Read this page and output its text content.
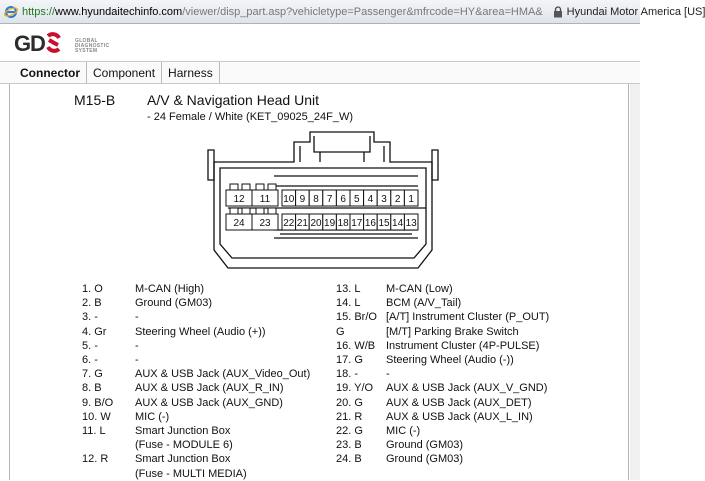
https:// www.hyundaitechinfo.com /viewer/disp_part.asp?vehicletype=Passenger&mfrcode=HY&area=HMA& Hyundai Motor America [US]
G D	GLOBAL
DIAGNOSTIC
SYSTEM
Connector	Component	Harness
M15-B A/V & Navigation Head Unit
- 24 Female / White (KET_09025_24F_W)
12 11 10 9 8 7 6 5 4 3 2 1
24 23 22 21 20 19 18 17 16 15 14 13
1. O	M-CAN (High)
2. B	Ground (GM03)
3. -	-
4. Gr	Steering Wheel (Audio (+))
5. -	-
6. -	-
7. G	AUX & USB Jack (AUX_Video_Out)
8. B	AUX & USB Jack (AUX_R_IN)
9. B/O	AUX & USB Jack (AUX_GND)
10. W	MIC (-)
11. L	Smart Junction Box
(Fuse - MODULE 6)
12. R	Smart Junction Box
(Fuse - MULTI MEDIA)
13. L	M-CAN (Low)
14. L	BCM (A/V_Tail)
15. Br/O [A/T] Instrument Cluster (P_OUT)
G	[M/T] Parking Brake Switch
16. W/B Instrument Cluster (4P-PULSE)
17. G	Steering Wheel (Audio (-))
18. -	-
19. Y/O	AUX & USB Jack (AUX_V_GND)
20. G	AUX & USB Jack (AUX_DET)
21. R	AUX & USB Jack (AUX_L_IN)
22. G	MIC (-)
23. B	Ground (GM03)
24. B	Ground (GM03)
